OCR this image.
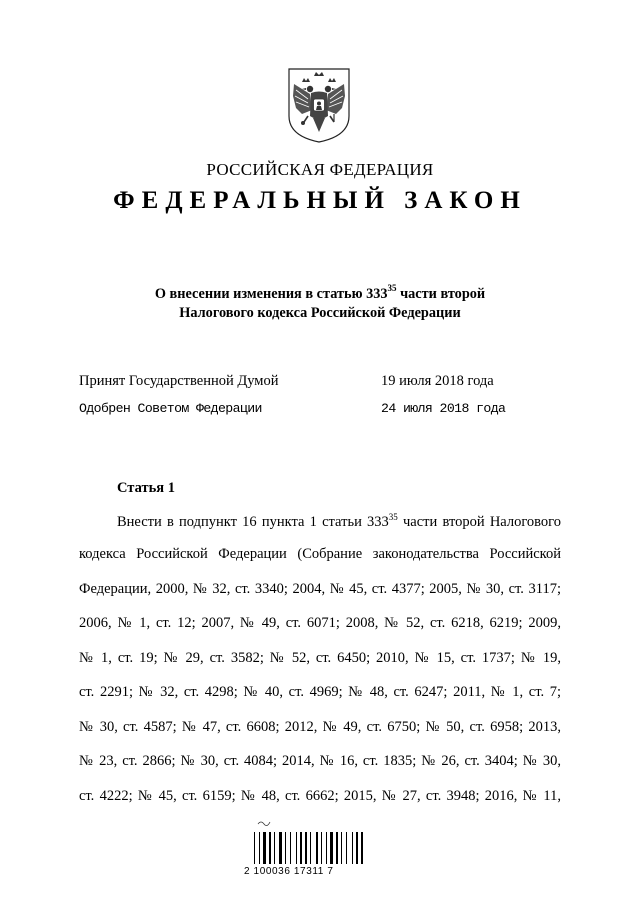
РОССИЙСКАЯ ФЕДЕРАЦИЯ
ФЕДЕРАЛЬНЫЙ ЗАКОН
О внесении изменения в статью $333^{35}$ части второй
Налогового кодекса Российской Федерации
Принят Государственной Думой	19 июля 2018 года
Одобрен Советом Федерации	24 июля 2018 года
Статья 1
Внести в подпункт 16 пункта 1 статьи $333^{35}$ части второй Налогового
кодекса Российской Федерации (Собрание законодательства Российской
Федерации, 2000, № 32, ст. 3340; 2004, № 45, ст. 4377; 2005, № 30, ст. 3117;
2006, № 1, ст. 12; 2007, № 49, ст. 6071; 2008, № 52, ст. 6218, 6219; 2009,
№ 1, ст. 19; № 29, ст. 3582; № 52, ст. 6450; 2010, № 15, ст. 1737; № 19,
ст. 2291; № 32, ст. 4298; № 40, ст. 4969; № 48, ст. 6247; 2011, № 1, ст. 7;
№ 30, ст. 4587; № 47, ст. 6608; 2012, № 49, ст. 6750; № 50, ст. 6958; 2013,
№ 23, ст. 2866; № 30, ст. 4084; 2014, № 16, ст. 1835; № 26, ст. 3404; № 30,
ст. 4222; № 45, ст. 6159; № 48, ст. 6662; 2015, № 27, ст. 3948; 2016, № 11,
2 100036 17311 7
